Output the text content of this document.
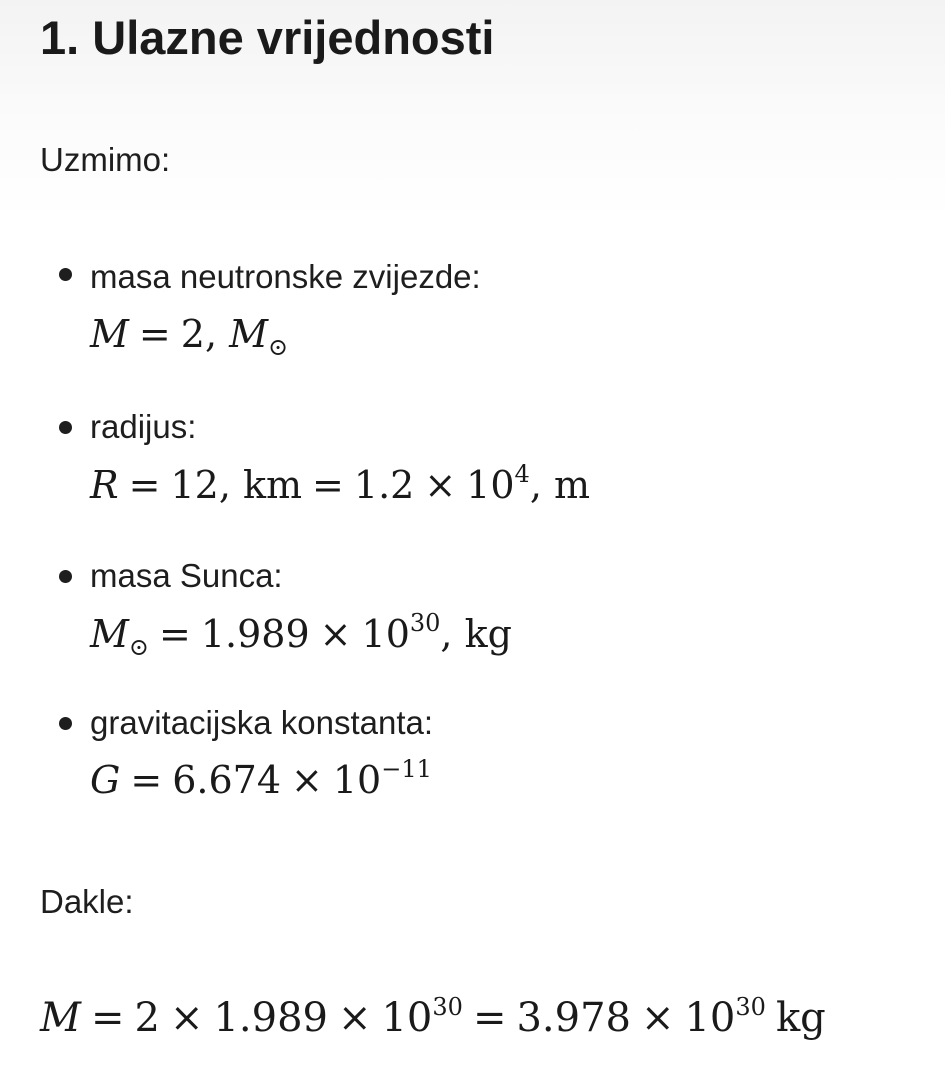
1. Ulazne vrijednosti

Uzmimo:

masa neutronske zvijezde:
M = 2, $M_⊙$
radijus:
R = 12, km = $1.2 \times 10^4$, m
masa Sunca:
$M_⊙ = 1.989 \times 10^{30}$, kg
gravitacijska konstanta:
$G = 6.674 \times 10^{-11}$

Dakle:

$M = 2 \times 1.989 \times 10^{30} = 3.978 \times 10^{30}$ kg
